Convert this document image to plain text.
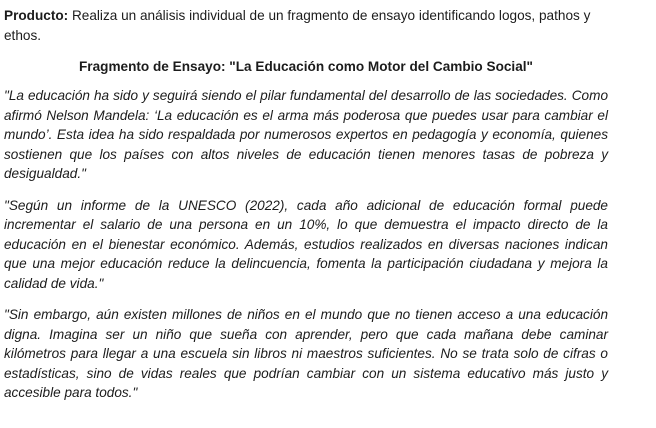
Producto: Realiza un análisis individual de un fragmento de ensayo identificando logos, pathos y ethos.

Fragmento de Ensayo: "La Educación como Motor del Cambio Social"

"La educación ha sido y seguirá siendo el pilar fundamental del desarrollo de las sociedades. Como afirmó Nelson Mandela: ‘La educación es el arma más poderosa que puedes usar para cambiar el mundo’. Esta idea ha sido respaldada por numerosos expertos en pedagogía y economía, quienes sostienen que los países con altos niveles de educación tienen menores tasas de pobreza y desigualdad."

"Según un informe de la UNESCO (2022), cada año adicional de educación formal puede incrementar el salario de una persona en un 10%, lo que demuestra el impacto directo de la educación en el bienestar económico. Además, estudios realizados en diversas naciones indican que una mejor educación reduce la delincuencia, fomenta la participación ciudadana y mejora la calidad de vida."

"Sin embargo, aún existen millones de niños en el mundo que no tienen acceso a una educación digna. Imagina ser un niño que sueña con aprender, pero que cada mañana debe caminar kilómetros para llegar a una escuela sin libros ni maestros suficientes. No se trata solo de cifras o estadísticas, sino de vidas reales que podrían cambiar con un sistema educativo más justo y accesible para todos."
